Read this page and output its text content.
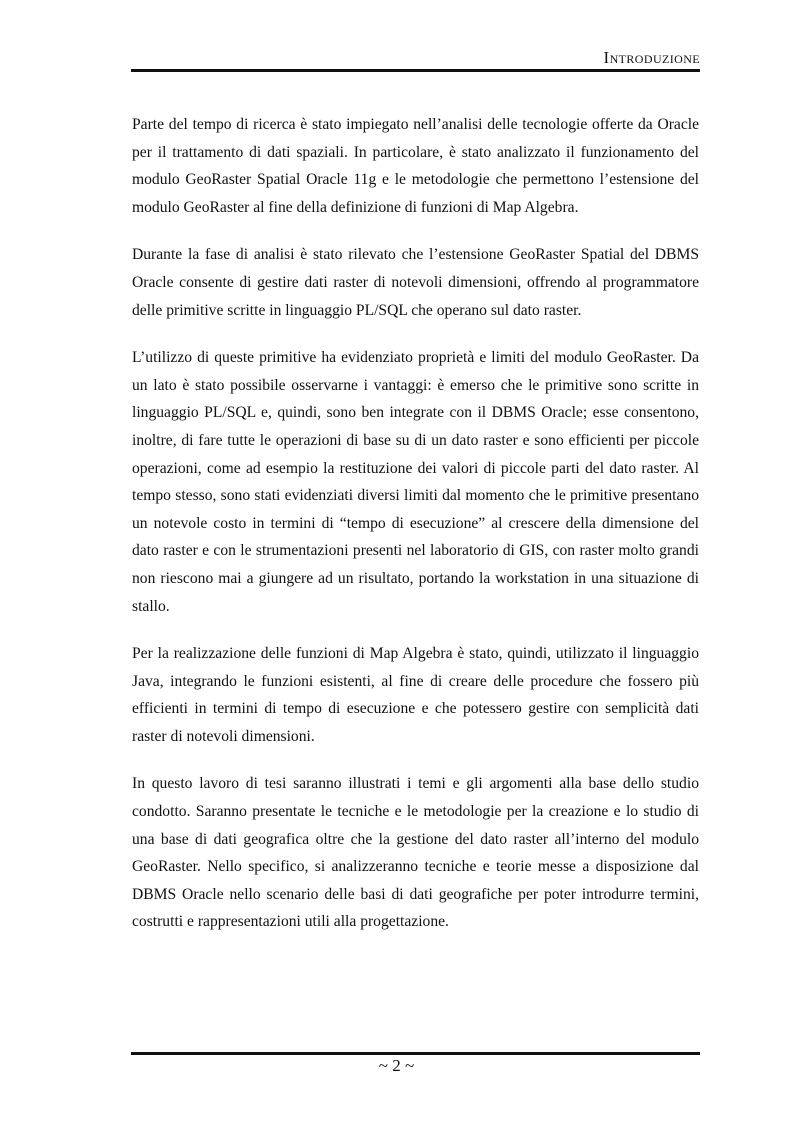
Introduzione

Parte del tempo di ricerca è stato impiegato nell’analisi delle tecnologie offerte da Oracle per il trattamento di dati spaziali. In particolare, è stato analizzato il funzionamento del modulo GeoRaster Spatial Oracle 11g e le metodologie che permettono l’estensione del modulo GeoRaster al fine della definizione di funzioni di Map Algebra.

Durante la fase di analisi è stato rilevato che l’estensione GeoRaster Spatial del DBMS Oracle consente di gestire dati raster di notevoli dimensioni, offrendo al programmatore delle primitive scritte in linguaggio PL/SQL che operano sul dato raster.

L’utilizzo di queste primitive ha evidenziato proprietà e limiti del modulo GeoRaster. Da un lato è stato possibile osservarne i vantaggi: è emerso che le primitive sono scritte in linguaggio PL/SQL e, quindi, sono ben integrate con il DBMS Oracle; esse consentono, inoltre, di fare tutte le operazioni di base su di un dato raster e sono efficienti per piccole operazioni, come ad esempio la restituzione dei valori di piccole parti del dato raster. Al tempo stesso, sono stati evidenziati diversi limiti dal momento che le primitive presentano un notevole costo in termini di “tempo di esecuzione” al crescere della dimensione del dato raster e con le strumentazioni presenti nel laboratorio di GIS, con raster molto grandi non riescono mai a giungere ad un risultato, portando la workstation in una situazione di stallo.

Per la realizzazione delle funzioni di Map Algebra è stato, quindi, utilizzato il linguaggio Java, integrando le funzioni esistenti, al fine di creare delle procedure che fossero più efficienti in termini di tempo di esecuzione e che potessero gestire con semplicità dati raster di notevoli dimensioni.

In questo lavoro di tesi saranno illustrati i temi e gli argomenti alla base dello studio condotto. Saranno presentate le tecniche e le metodologie per la creazione e lo studio di una base di dati geografica oltre che la gestione del dato raster all’interno del modulo GeoRaster. Nello specifico, si analizzeranno tecniche e teorie messe a disposizione dal DBMS Oracle nello scenario delle basi di dati geografiche per poter introdurre termini, costrutti e rappresentazioni utili alla progettazione.

~ 2 ~
